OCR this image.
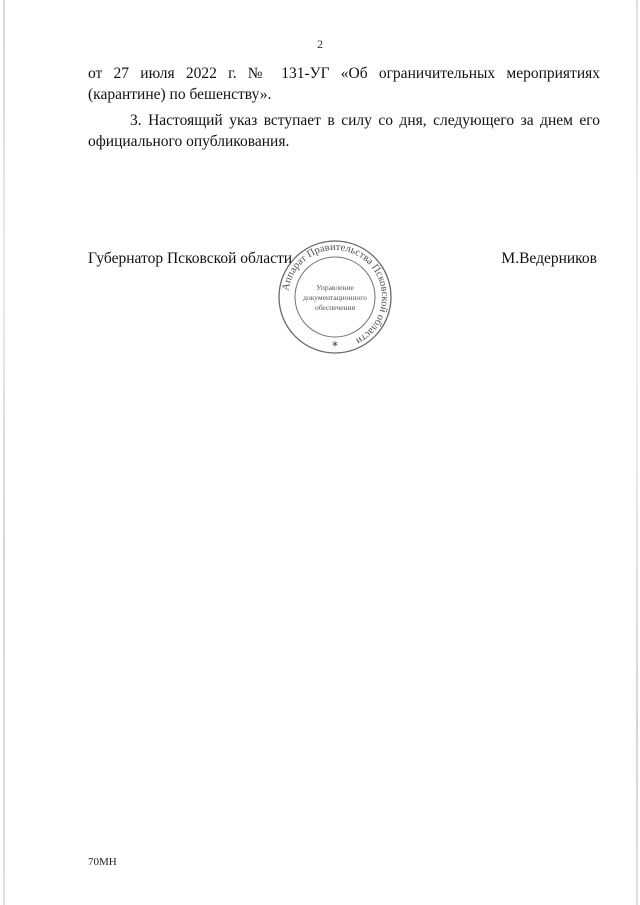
2

от 27 июля 2022 г. № 131-УГ «Об ограничительных мероприятиях

(карантине) по бешенству».

3. Настоящий указ вступает в силу со дня, следующего за днем его

официального опубликования.

Губернатор Псковской области	М.Ведерников
Аппарат Правительства Псковской области
Управление
документационного
обеспечения
*
70МН
